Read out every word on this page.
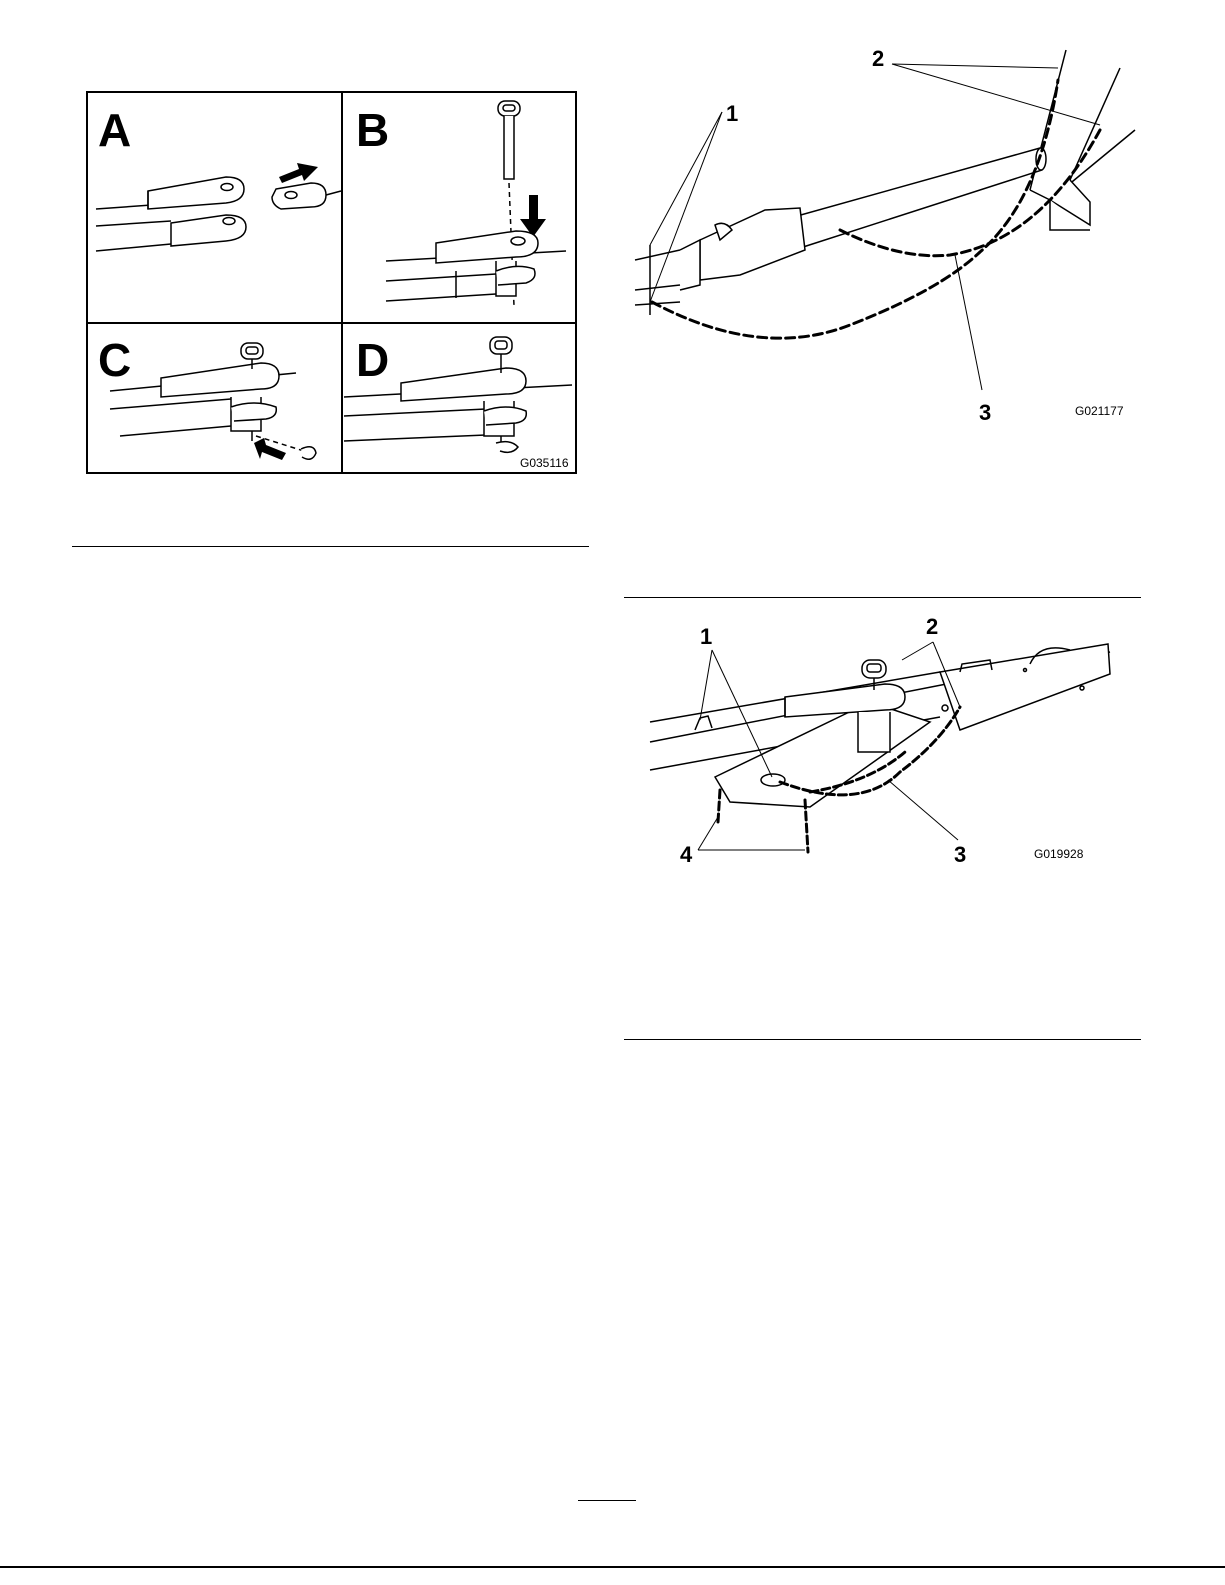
A	B
C	D
G035116
1
2
3	G021177
1	2
3
4	G019928
